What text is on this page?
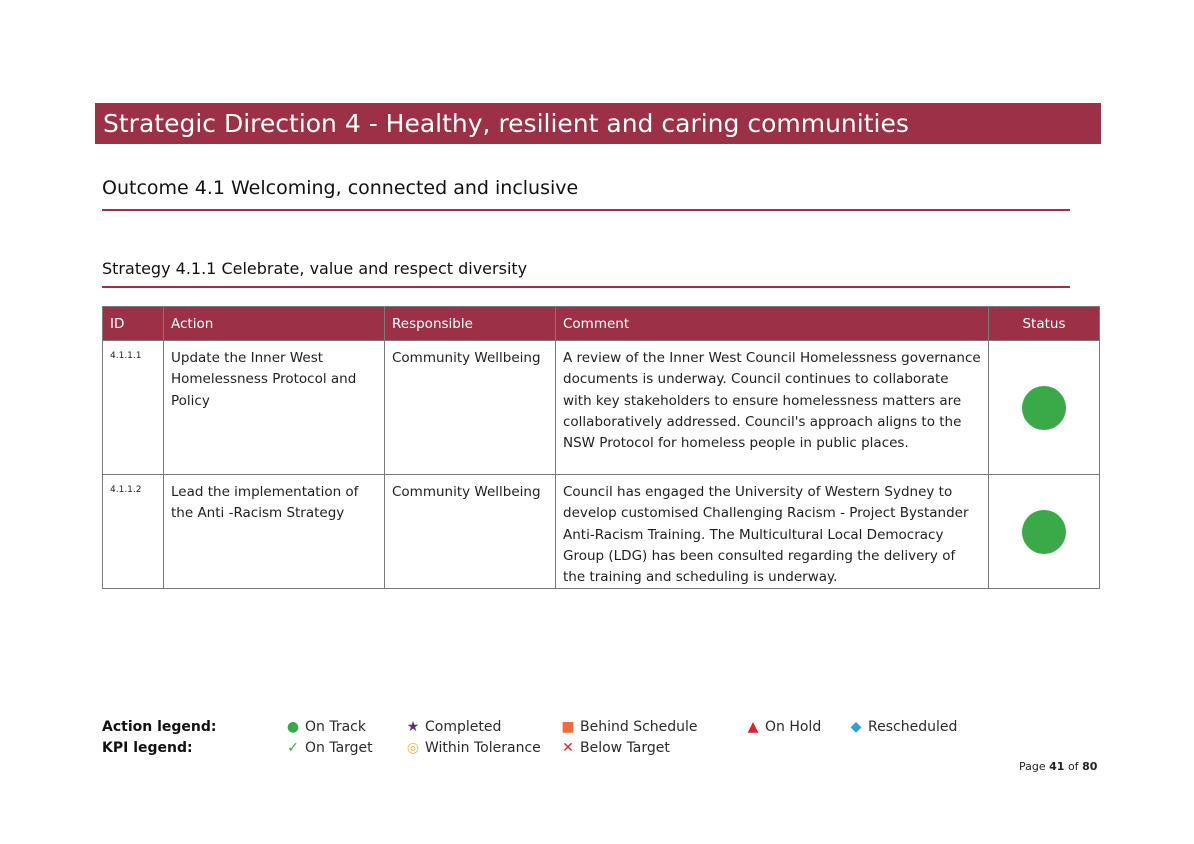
Strategic Direction 4 - Healthy, resilient and caring communities
Outcome 4.1 Welcoming, connected and inclusive
Strategy 4.1.1 Celebrate, value and respect diversity
ID	Action	Responsible	Comment	Status
4.1.1.1	Update the Inner West Homelessness Protocol and Policy	Community Wellbeing	A review of the Inner West Council Homelessness governance documents is underway. Council continues to collaborate with key stakeholders to ensure homelessness matters are collaboratively addressed. Council's approach aligns to the NSW Protocol for homeless people in public places.	
4.1.1.2	Lead the implementation of the Anti -Racism Strategy	Community Wellbeing	Council has engaged the University of Western Sydney to develop customised Challenging Racism - Project Bystander Anti-Racism Training. The Multicultural Local Democracy Group (LDG) has been consulted regarding the delivery of the training and scheduling is underway.	
Action legend:
KPI legend:
● On Track	★ Completed	■ Behind Schedule	▲ On Hold ◆ Rescheduled
✓ On Target ◎ Within Tolerance ✕ Below Target
Page 41 of 80
